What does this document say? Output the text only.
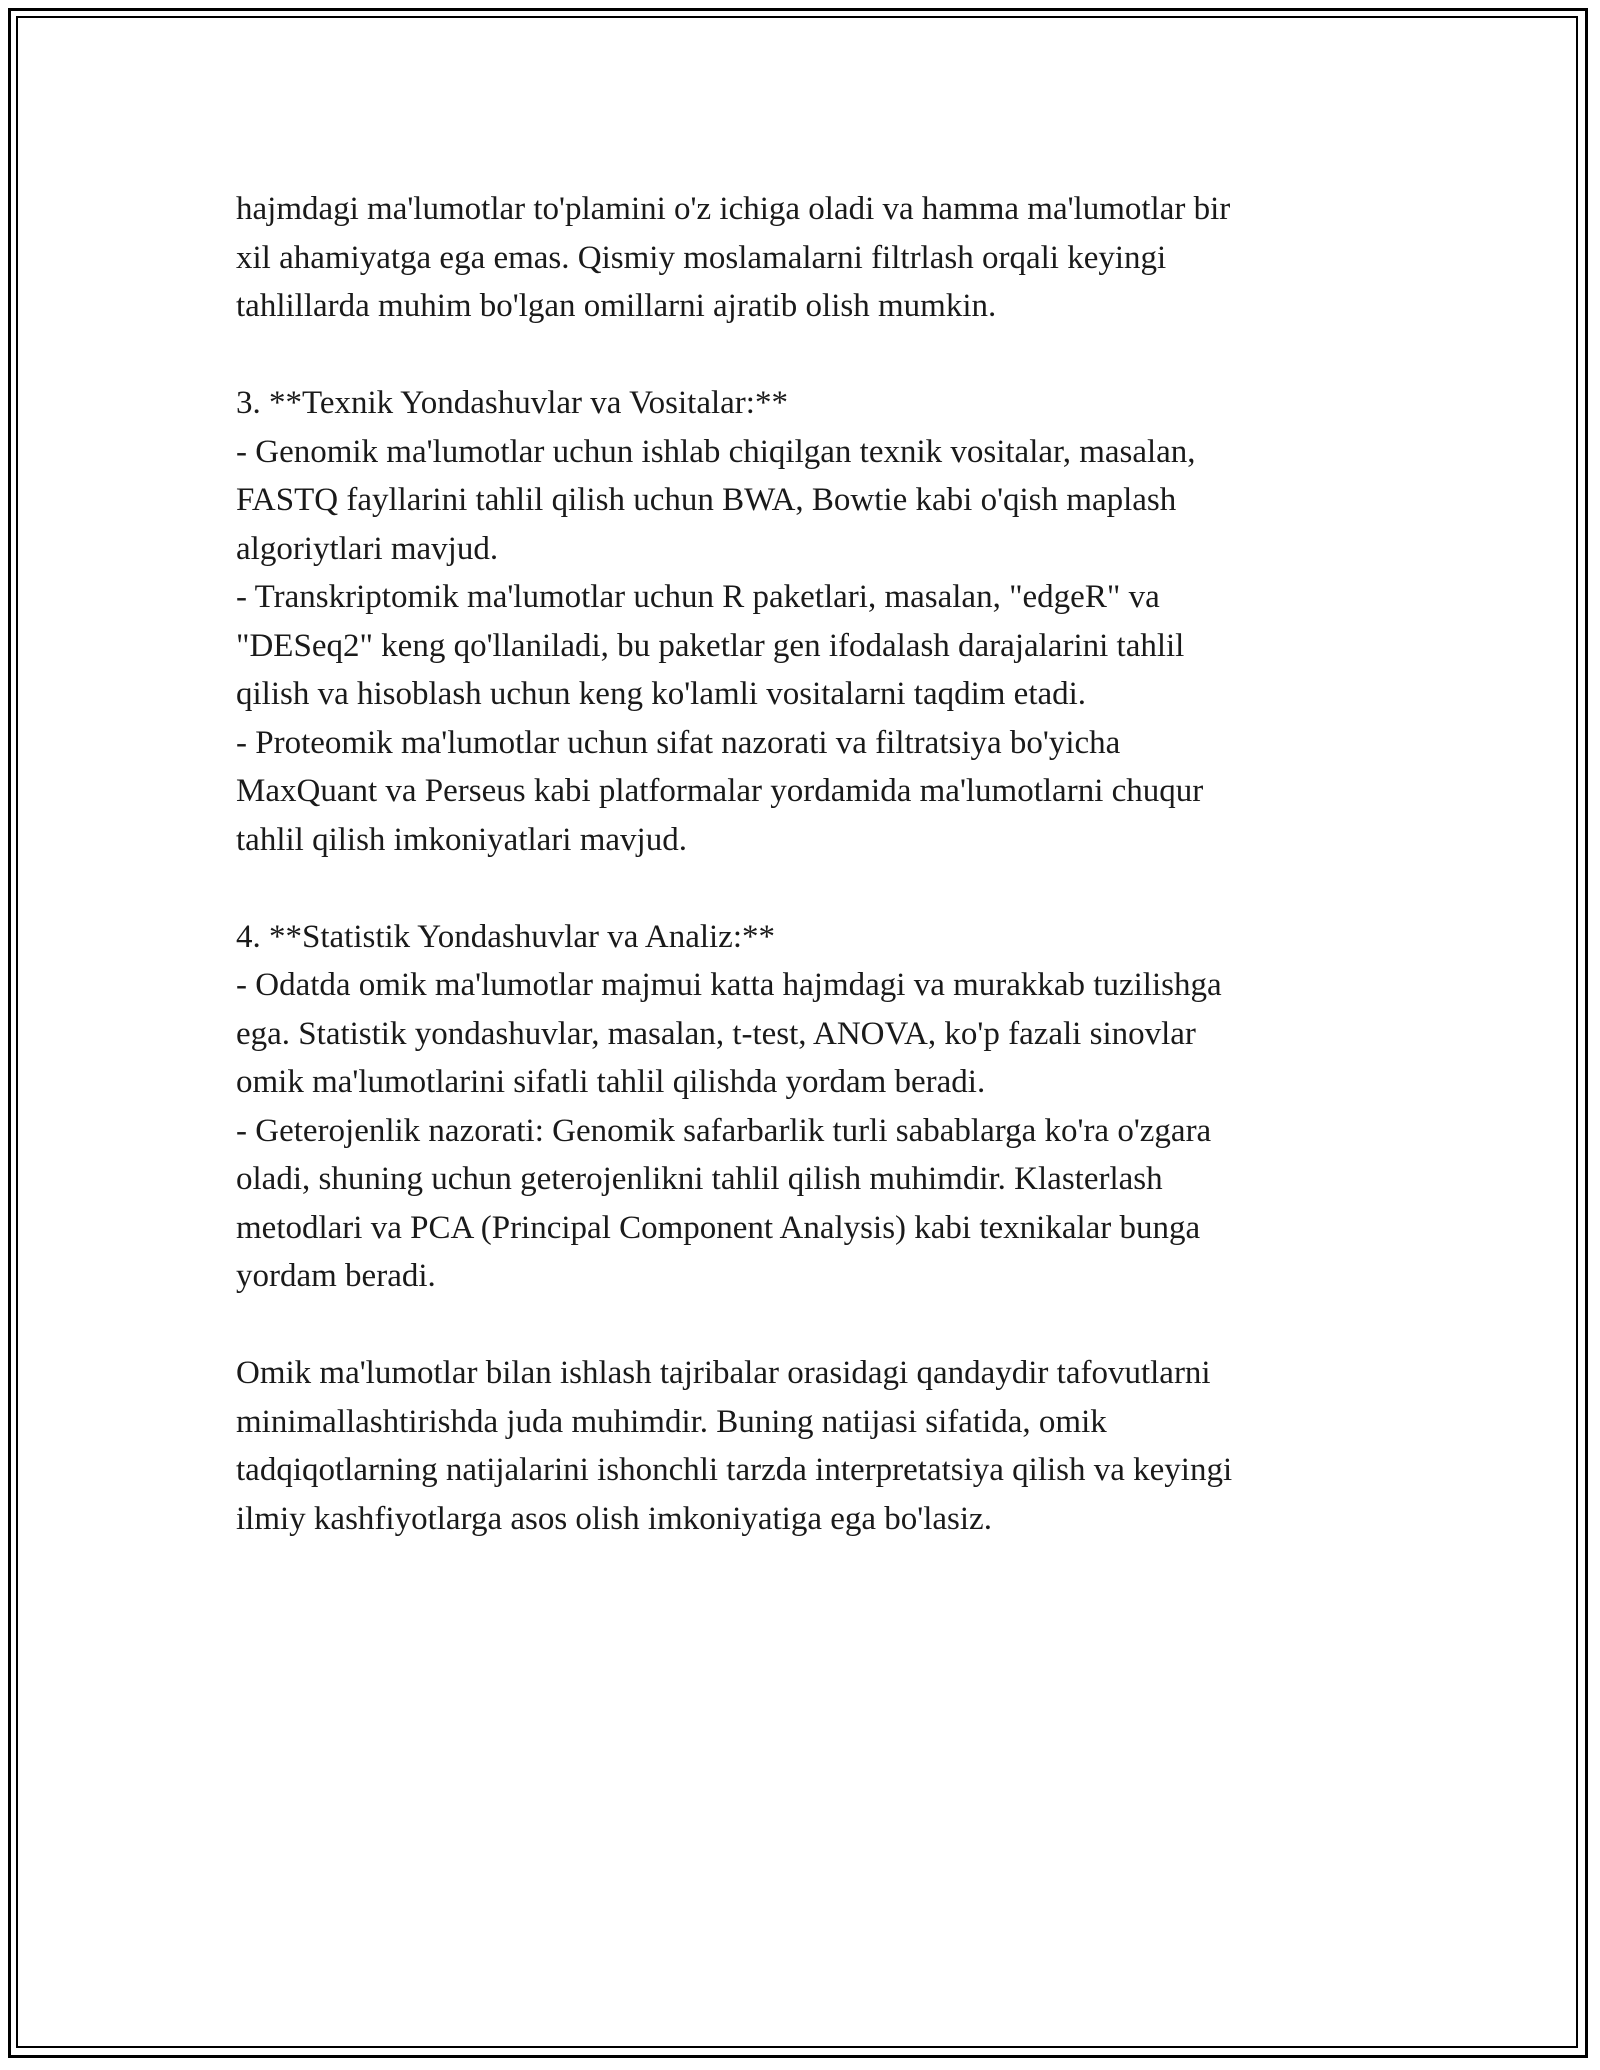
hajmdagi ma'lumotlar to'plamini o'z ichiga oladi va hamma ma'lumotlar bir
xil ahamiyatga ega emas. Qismiy moslamalarni filtrlash orqali keyingi
tahlillarda muhim bo'lgan omillarni ajratib olish mumkin.

3. **Texnik Yondashuvlar va Vositalar:**

- Genomik ma'lumotlar uchun ishlab chiqilgan texnik vositalar, masalan,
FASTQ fayllarini tahlil qilish uchun BWA, Bowtie kabi o'qish maplash
algoriytlari mavjud.

- Transkriptomik ma'lumotlar uchun R paketlari, masalan, "edgeR" va
"DESeq2" keng qo'llaniladi, bu paketlar gen ifodalash darajalarini tahlil
qilish va hisoblash uchun keng ko'lamli vositalarni taqdim etadi.

- Proteomik ma'lumotlar uchun sifat nazorati va filtratsiya bo'yicha
MaxQuant va Perseus kabi platformalar yordamida ma'lumotlarni chuqur
tahlil qilish imkoniyatlari mavjud.

4. **Statistik Yondashuvlar va Analiz:**

- Odatda omik ma'lumotlar majmui katta hajmdagi va murakkab tuzilishga
ega. Statistik yondashuvlar, masalan, t-test, ANOVA, ko'p fazali sinovlar
omik ma'lumotlarini sifatli tahlil qilishda yordam beradi.

- Geterojenlik nazorati: Genomik safarbarlik turli sabablarga ko'ra o'zgara
oladi, shuning uchun geterojenlikni tahlil qilish muhimdir. Klasterlash
metodlari va PCA (Principal Component Analysis) kabi texnikalar bunga
yordam beradi.

Omik ma'lumotlar bilan ishlash tajribalar orasidagi qandaydir tafovutlarni
minimallashtirishda juda muhimdir. Buning natijasi sifatida, omik
tadqiqotlarning natijalarini ishonchli tarzda interpretatsiya qilish va keyingi
ilmiy kashfiyotlarga asos olish imkoniyatiga ega bo'lasiz.
